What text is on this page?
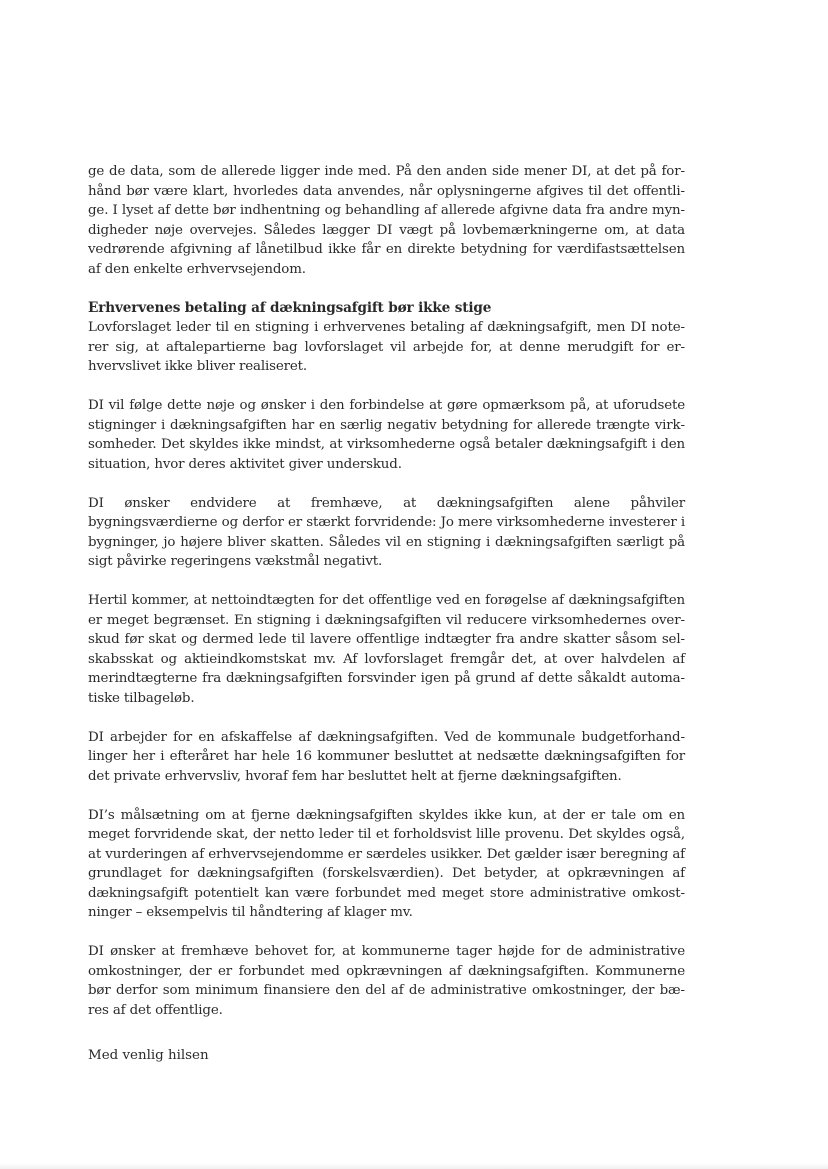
ge de data, som de allerede ligger inde med. På den anden side mener DI, at det på forhånd bør være klart, hvorledes data anvendes, når oplysningerne afgives til det offentlige. I lyset af dette bør indhentning og behandling af allerede afgivne data fra andre myndigheder nøje overvejes. Således lægger DI vægt på lovbemærkningerne om, at data vedrørende afgivning af lånetilbud ikke får en direkte betydning for værdifastsættelsen af den enkelte erhvervsejendom.

Erhvervenes betaling af dækningsafgift bør ikke stige

Lovforslaget leder til en stigning i erhvervenes betaling af dækningsafgift, men DI noterer sig, at aftalepartierne bag lovforslaget vil arbejde for, at denne merudgift for erhvervslivet ikke bliver realiseret.

DI vil følge dette nøje og ønsker i den forbindelse at gøre opmærksom på, at uforudsete stigninger i dækningsafgiften har en særlig negativ betydning for allerede trængte virksomheder. Det skyldes ikke mindst, at virksomhederne også betaler dækningsafgift i den situation, hvor deres aktivitet giver underskud.

DI ønsker endvidere at fremhæve, at dækningsafgiften alene påhviler bygningsværdierne og derfor er stærkt forvridende: Jo mere virksomhederne investerer i bygninger, jo højere bliver skatten. Således vil en stigning i dækningsafgiften særligt på sigt påvirke regeringens vækstmål negativt.

Hertil kommer, at nettoindtægten for det offentlige ved en forøgelse af dækningsafgiften er meget begrænset. En stigning i dækningsafgiften vil reducere virksomhedernes overskud før skat og dermed lede til lavere offentlige indtægter fra andre skatter såsom selskabsskat og aktieindkomstskat mv. Af lovforslaget fremgår det, at over halvdelen af merindtægterne fra dækningsafgiften forsvinder igen på grund af dette såkaldt automatiske tilbageløb.

DI arbejder for en afskaffelse af dækningsafgiften. Ved de kommunale budgetforhandlinger her i efteråret har hele 16 kommuner besluttet at nedsætte dækningsafgiften for det private erhvervsliv, hvoraf fem har besluttet helt at fjerne dækningsafgiften.

DI’s målsætning om at fjerne dækningsafgiften skyldes ikke kun, at der er tale om en meget forvridende skat, der netto leder til et forholdsvist lille provenu. Det skyldes også, at vurderingen af erhvervsejendomme er særdeles usikker. Det gælder især beregning af grundlaget for dækningsafgiften (forskelsværdien). Det betyder, at opkrævningen af dækningsafgift potentielt kan være forbundet med meget store administrative omkostninger – eksempelvis til håndtering af klager mv.

DI ønsker at fremhæve behovet for, at kommunerne tager højde for de administrative omkostninger, der er forbundet med opkrævningen af dækningsafgiften. Kommunerne bør derfor som minimum finansiere den del af de administrative omkostninger, der bæres af det offentlige.

Med venlig hilsen
